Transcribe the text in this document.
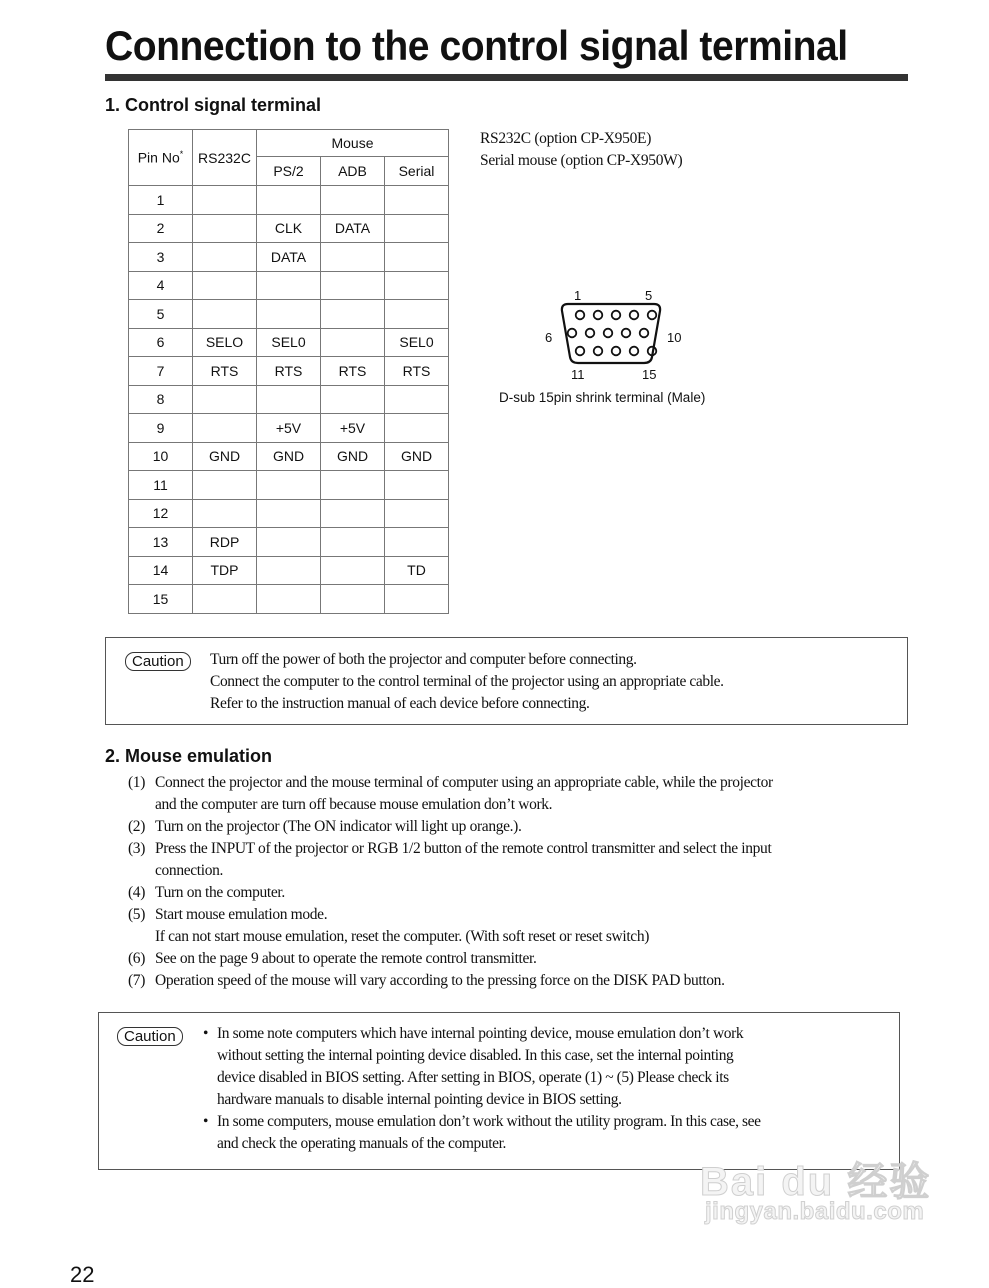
Connection to the control signal terminal
1. Control signal terminal
Pin No*	RS232C	Mouse		
		PS/2	ADB	Serial
1				
2		CLK	DATA	
3		DATA		
4				
5				
6	SELO	SEL0		SEL0
7	RTS	RTS	RTS	RTS
8				
9		+5V	+5V	
10	GND	GND	GND	GND
11				
12				
13	RDP			
14	TDP			TD
15				
RS232C (option CP-X950E)
Serial mouse (option CP-X950W)
1	5
6	10
11	15
D-sub 15pin shrink terminal (Male)
Caution	Turn off the power of both the projector and computer before connecting.
Connect the computer to the control terminal of the projector using an appropriate cable.
Refer to the instruction manual of each device before connecting.
2. Mouse emulation
(1) Connect the projector and the mouse terminal of computer using an appropriate cable, while the projector
and the computer are turn off because mouse emulation don’t work.
(2) Turn on the projector (The ON indicator will light up orange.).
(3) Press the INPUT of the projector or RGB 1/2 button of the remote control transmitter and select the input
connection.
(4) Turn on the computer.
(5) Start mouse emulation mode.
If can not start mouse emulation, reset the computer. (With soft reset or reset switch)
(6) See on the page 9 about to operate the remote control transmitter.
(7) Operation speed of the mouse will vary according to the pressing force on the DISK PAD button.
Caution	• In some note computers which have internal pointing device, mouse emulation don’t work
without setting the internal pointing device disabled. In this case, set the internal pointing
device disabled in BIOS setting. After setting in BIOS, operate (1) ~ (5) Please check its
hardware manuals to disable internal pointing device in BIOS setting.
• In some computers, mouse emulation don’t work without the utility program. In this case, see
and check the operating manuals of the computer.
Bai du 经验
jingyan.baidu.com
22
